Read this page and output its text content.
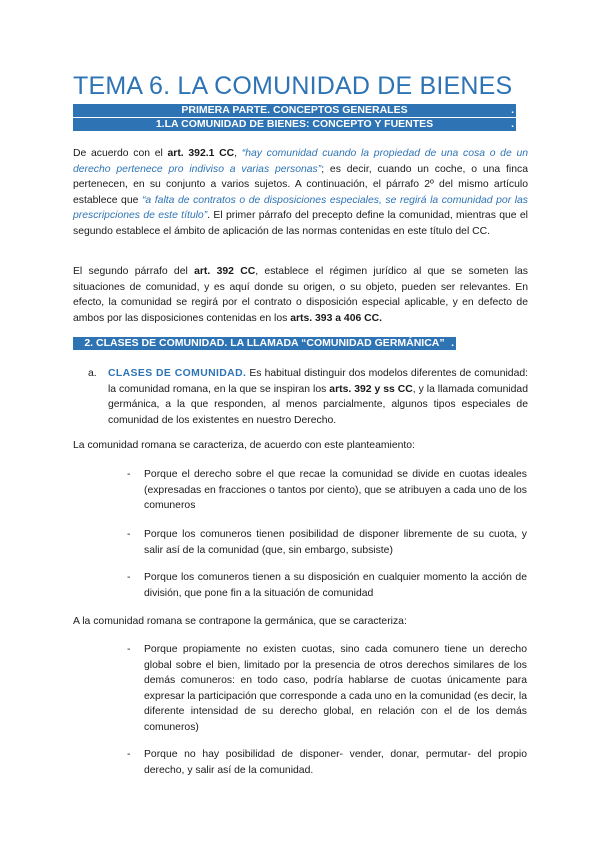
TEMA 6. LA COMUNIDAD DE BIENES
PRIMERA PARTE. CONCEPTOS GENERALES	.
1.LA COMUNIDAD DE BIENES: CONCEPTO Y FUENTES	.
De acuerdo con el art. 392.1 CC, “hay comunidad cuando la propiedad de una cosa o de un derecho pertenece pro indiviso a varias personas”; es decir, cuando un coche, o una finca pertenecen, en su conjunto a varios sujetos. A continuación, el párrafo 2º del mismo artículo establece que “a falta de contratos o de disposiciones especiales, se regirá la comunidad por las prescripciones de este título”. El primer párrafo del precepto define la comunidad, mientras que el segundo establece el ámbito de aplicación de las normas contenidas en este título del CC.
El segundo párrafo del art. 392 CC, establece el régimen jurídico al que se someten las situaciones de comunidad, y es aquí donde su origen, o su objeto, pueden ser relevantes. En efecto, la comunidad se regirá por el contrato o disposición especial aplicable, y en defecto de ambos por las disposiciones contenidas en los arts. 393 a 406 CC.
2. CLASES DE COMUNIDAD. LA LLAMADA “COMUNIDAD GERMÁNICA” .
a. CLASES DE COMUNIDAD. Es habitual distinguir dos modelos diferentes de comunidad: la comunidad romana, en la que se inspiran los arts. 392 y ss CC, y la llamada comunidad germánica, a la que responden, al menos parcialmente, algunos tipos especiales de comunidad de los existentes en nuestro Derecho.
La comunidad romana se caracteriza, de acuerdo con este planteamiento:
- Porque el derecho sobre el que recae la comunidad se divide en cuotas ideales (expresadas en fracciones o tantos por ciento), que se atribuyen a cada uno de los comuneros
- Porque los comuneros tienen posibilidad de disponer libremente de su cuota, y salir así de la comunidad (que, sin embargo, subsiste)
- Porque los comuneros tienen a su disposición en cualquier momento la acción de división, que pone fin a la situación de comunidad
A la comunidad romana se contrapone la germánica, que se caracteriza:
- Porque propiamente no existen cuotas, sino cada comunero tiene un derecho global sobre el bien, limitado por la presencia de otros derechos similares de los demás comuneros: en todo caso, podría hablarse de cuotas únicamente para expresar la participación que corresponde a cada uno en la comunidad (es decir, la diferente intensidad de su derecho global, en relación con el de los demás comuneros)
- Porque no hay posibilidad de disponer- vender, donar, permutar- del propio derecho, y salir así de la comunidad.
